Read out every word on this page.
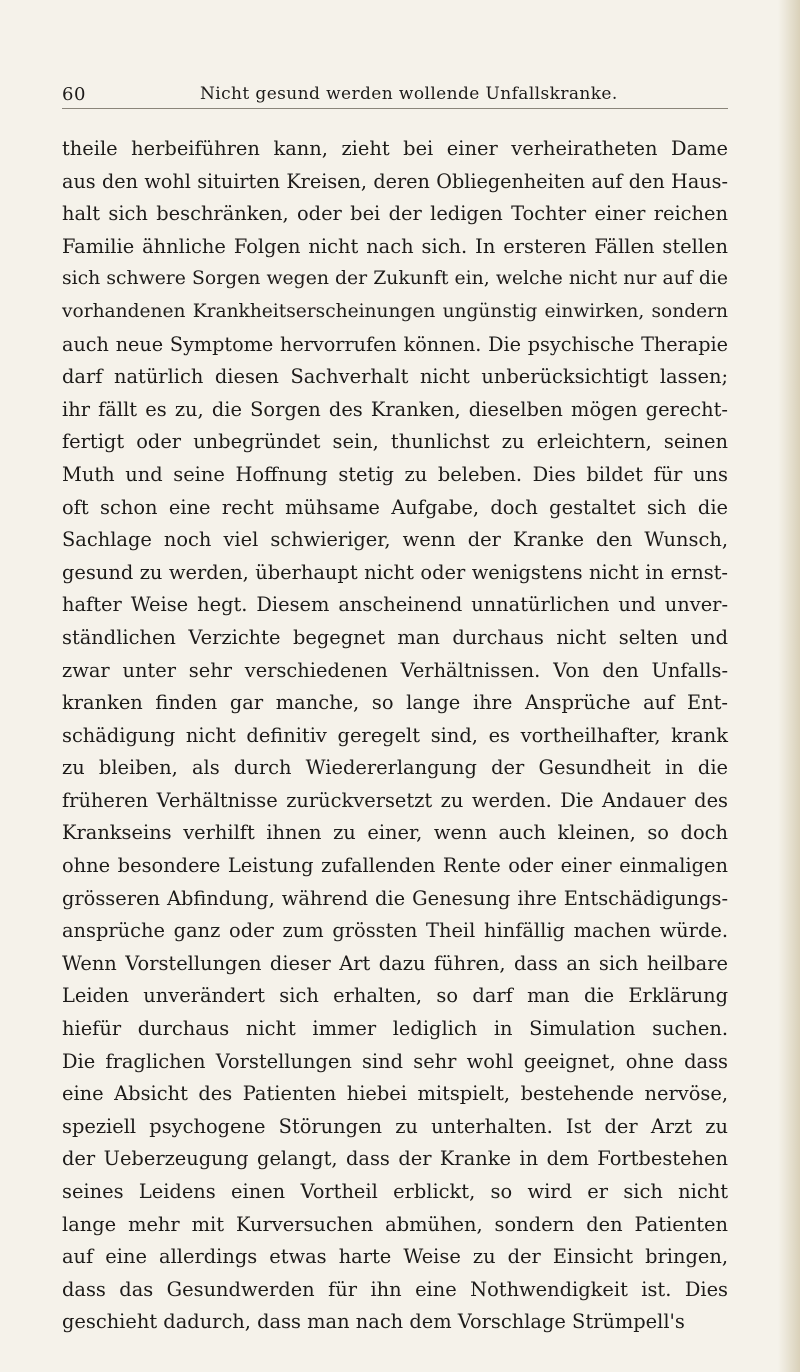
60	Nicht gesund werden wollende Unfallskranke.
theile herbeiführen kann, zieht bei einer verheiratheten Dame
aus den wohl situirten Kreisen, deren Obliegenheiten auf den Haus-
halt sich beschränken, oder bei der ledigen Tochter einer reichen
Familie ähnliche Folgen nicht nach sich. In ersteren Fällen stellen
sich schwere Sorgen wegen der Zukunft ein, welche nicht nur auf die
vorhandenen Krankheitserscheinungen ungünstig einwirken, sondern
auch neue Symptome hervorrufen können. Die psychische Therapie
darf natürlich diesen Sachverhalt nicht unberücksichtigt lassen;
ihr fällt es zu, die Sorgen des Kranken, dieselben mögen gerecht-
fertigt oder unbegründet sein, thunlichst zu erleichtern, seinen
Muth und seine Hoffnung stetig zu beleben. Dies bildet für uns
oft schon eine recht mühsame Aufgabe, doch gestaltet sich die
Sachlage noch viel schwieriger, wenn der Kranke den Wunsch,
gesund zu werden, überhaupt nicht oder wenigstens nicht in ernst-
hafter Weise hegt. Diesem anscheinend unnatürlichen und unver-
ständlichen Verzichte begegnet man durchaus nicht selten und
zwar unter sehr verschiedenen Verhältnissen. Von den Unfalls-
kranken finden gar manche, so lange ihre Ansprüche auf Ent-
schädigung nicht definitiv geregelt sind, es vortheilhafter, krank
zu bleiben, als durch Wiedererlangung der Gesundheit in die
früheren Verhältnisse zurückversetzt zu werden. Die Andauer des
Krankseins verhilft ihnen zu einer, wenn auch kleinen, so doch
ohne besondere Leistung zufallenden Rente oder einer einmaligen
grösseren Abfindung, während die Genesung ihre Entschädigungs-
ansprüche ganz oder zum grössten Theil hinfällig machen würde.
Wenn Vorstellungen dieser Art dazu führen, dass an sich heilbare
Leiden unverändert sich erhalten, so darf man die Erklärung
hiefür durchaus nicht immer lediglich in Simulation suchen.
Die fraglichen Vorstellungen sind sehr wohl geeignet, ohne dass
eine Absicht des Patienten hiebei mitspielt, bestehende nervöse,
speziell psychogene Störungen zu unterhalten. Ist der Arzt zu
der Ueberzeugung gelangt, dass der Kranke in dem Fortbestehen
seines Leidens einen Vortheil erblickt, so wird er sich nicht
lange mehr mit Kurversuchen abmühen, sondern den Patienten
auf eine allerdings etwas harte Weise zu der Einsicht bringen,
dass das Gesundwerden für ihn eine Nothwendigkeit ist. Dies
geschieht dadurch, dass man nach dem Vorschlage Strümpell's
